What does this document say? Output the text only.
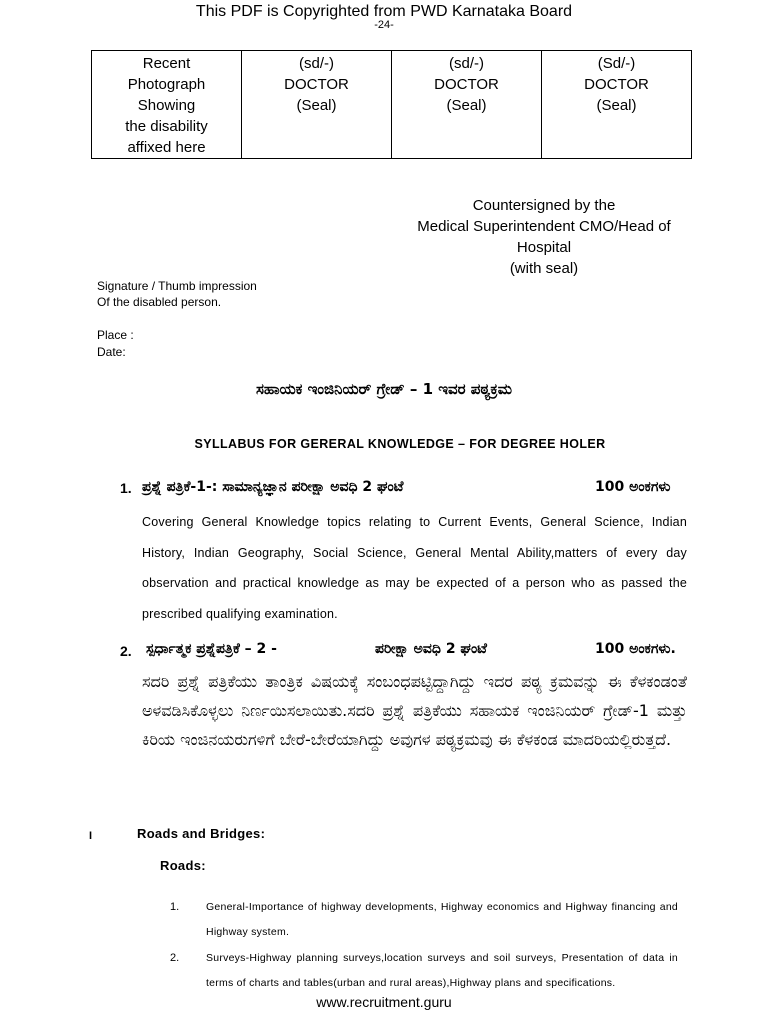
This PDF is Copyrighted from PWD Karnataka Board
-24-
Recent
Photograph
Showing
the disability
affixed here

(sd/-)
DOCTOR
(Seal)

(sd/-)
DOCTOR
(Seal)

(Sd/-)
DOCTOR
(Seal)
Countersigned by the
Medical Superintendent CMO/Head of
Hospital
(with seal)
Signature / Thumb impression
Of the disabled person.
Place :
Date:
ಸಹಾಯಕ ಇಂಜಿನಿಯರ್ ಗ್ರೇಡ್ – 1 ಇವರ ಪಠ್ಯಕ್ರಮ
SYLLABUS FOR GERERAL KNOWLEDGE – FOR DEGREE HOLER
1. ಪ್ರಶ್ನೆ ಪತ್ರಿಕೆ-1-: ಸಾಮಾನ್ಯಜ್ಞಾನ ಪರೀಕ್ಷಾ ಅವಧಿ 2 ಘಂಟೆ	100 ಅಂಕಗಳು
Covering General Knowledge topics relating to Current Events, General Science, Indian History, Indian Geography, Social Science, General Mental Ability,matters of every day observation and practical knowledge as may be expected of a person who as passed the prescribed qualifying examination.
2. ಸ್ಪರ್ಧಾತ್ಮಕ ಪ್ರಶ್ನೆಪತ್ರಿಕೆ – 2 -	ಪರೀಕ್ಷಾ ಅವಧಿ 2 ಘಂಟೆ	100 ಅಂಕಗಳು.
ಸದರಿ ಪ್ರಶ್ನೆ ಪತ್ರಿಕೆಯು ತಾಂತ್ರಿಕ ವಿಷಯಕ್ಕೆ ಸಂಬಂಧಪಟ್ಟಿದ್ದಾಗಿದ್ದು ಇದರ ಪಠ್ಯ ಕ್ರಮವನ್ನು ಈ ಕೆಳಕಂಡಂತೆ ಅಳವಡಿಸಿಕೊಳ್ಳಲು ನಿರ್ಣಯಿಸಲಾಯಿತು.ಸದರಿ ಪ್ರಶ್ನೆ ಪತ್ರಿಕೆಯು ಸಹಾಯಕ ಇಂಜಿನಿಯರ್ ಗ್ರೇಡ್-1 ಮತ್ತು ಕಿರಿಯ ಇಂಜಿನಯರುಗಳಿಗೆ ಬೇರೆ-ಬೇರೆಯಾಗಿದ್ದು ಅವುಗಳ ಪಠ್ಯಕ್ರಮವು ಈ ಕೆಳಕಂಡ ಮಾದರಿಯಲ್ಲಿರುತ್ತದೆ.
I	Roads and Bridges:
Roads:
1.	General-Importance of highway developments, Highway economics and Highway financing and Highway system.
2.	Surveys-Highway planning surveys,location surveys and soil surveys, Presentation of data in terms of charts and tables(urban and rural areas),Highway plans and specifications.
www.recruitment.guru
